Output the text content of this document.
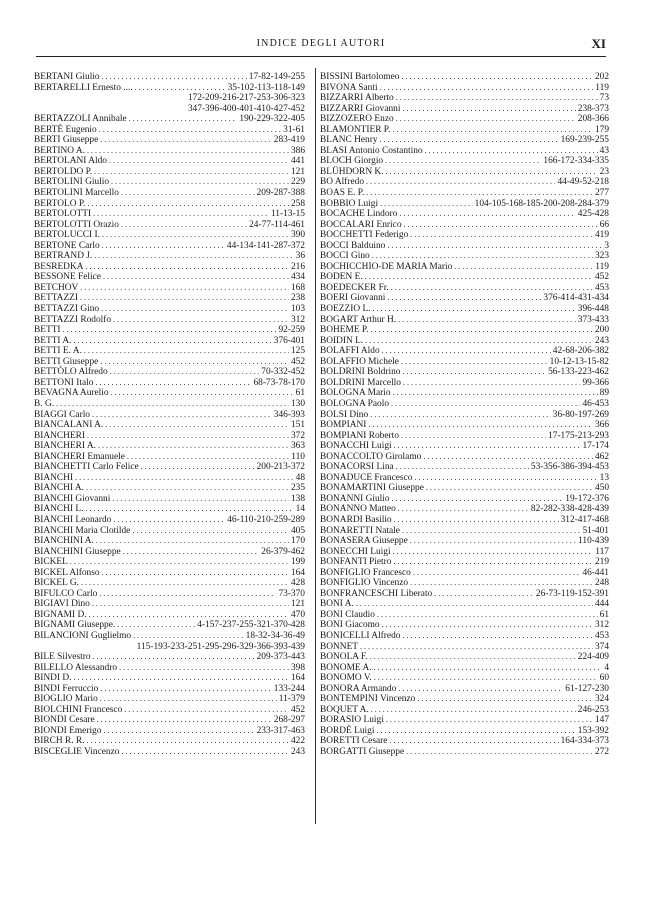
INDICE DEGLI AUTORI	XI
BERTANI Giulio . . .	17-82-149-255
BERTARELLI Ernesto .... . . .	35-102-113-118-149
172-209-216-217-253-306-323
347-396-400-401-410-427-452
BERTAZZOLI Annibale . . .	190-229-322-405
BERTÈ Eugenio . . .	31-61
BERTI Giuseppe . . .	283-419
BERTINO A. . . .	386
BERTOLANI Aldo . . .	441
BERTOLDO P. . . .	121
BERTOLINI Giulio . . .	229
BERTOLINI Marcello . . .	209-287-388
BERTOLO P. . . .	258
BERTOLOTTI . . .	11-13-15
BERTOLOTTI Orazio . . .	24-77-114-461
BERTOLUCCI I. . . .	390
BERTONE Carlo . . .	44-134-141-287-372
BERTRAND J. . . .	36
BESREDKA . . .	216
BESSONE Felice . . .	434
BETCHOV . . .	168
BETTAZZI . . .	238
BETTAZZI Gino . . .	103
BETTAZZI Rodolfo . . .	312
BETTI . . .	92-259
BETTI A. . . .	376-401
BETTI E. A. . . .	125
BETTI Giuseppe . . .	452
BETTÒLO Alfredo . . .	70-332-452
BETTONI Italo . . .	68-73-78-170
BEVAGNA Aurelio . . .	61
B. G. . . .	130
BIAGGI Carlo . . .	346-393
BIANCALANI A. . . .	151
BIANCHERI . . .	372
BIANCHERI A. . . .	363
BIANCHERI Emanuele . . .	110
BIANCHETTI Carlo Felice . . .	200-213-372
BIANCHI . . .	48
BIANCHI A. . . .	235
BIANCHI Giovanni . . .	138
BIANCHI L. . . .	14
BIANCHI Leonardo . . .	46-110-210-259-289
BIANCHI Maria Clotilde . . .	405
BIANCHINI A. . . .	170
BIANCHINI Giuseppe . . .	26-379-462
BICKEL . . .	199
BICKEL Alfonso . . .	164
BICKEL G. . . .	428
BIFULCO Carlo . . .	73-370
BIGIAVI Dino . . .	121
BIGNAMI D. . . .	470
BIGNAMI Giuseppe. . . .	4-157-237-255-321-370-428
BILANCIONI Guglielmo . . .	18-32-34-36-49
115-193-233-251-295-296-329-366-393-439
BILE Silvestro . . .	209-373-443
BILELLO Alessandro . . .	398
BINDI D. . . .	164
BINDI Ferruccio . . .	133-244
BIOGLIO Mario . . .	11-379
BIOLCHINI Francesco . . .	452
BIONDI Cesare . . .	268-297
BIONDI Emerigo . . .	233-317-463
BIRCH R. R. . . .	422
BISCEGLIE Vincenzo . . .	243
BISSINI Bartolomeo . . .	202
BIVONA Santi . . .	119
BIZZARRI Alberto . . .	73
BIZZARRI Giovanni . . .	238-373
BIZZOZERO Enzo . . .	208-366
BLAMONTIER P. . . .	179
BLANC Henry . . .	169-239-255
BLASI Antonio Costantino . . .	43
BLOCH Giorgio . . .	166-172-334-335
BLÜHDORN K. . . .	23
BO Alfredo . . .	44-49-52-218
BOAS E. P. . . .	277
BOBBIO Luigi . . .	104-105-168-185-200-208-284-379
BOCACHE Lindoro . . .	425-428
BOCCALARI Enrico . . .	66
BOCCHETTI Federigo . . .	419
BOCCI Balduino . . .	3
BOCCI Gino . . .	323
BOCHICCHIO-DE MARIA Mario . . .	119
BODEN E. . . .	452
BOEDECKER Fr. . . .	453
BOERI Giovanni . . .	376-414-431-434
BOEZZIO L. . . .	396-448
BOGART Arthur H. . . .	373-433
BOHEME P. . . .	200
BOIDIN L. . . .	243
BOLAFFI Aldo . . .	42-68-206-382
BOLAFFIO Michele . . .	10-12-13-15-82
BOLDRINI Boldrino . . .	56-133-223-462
BOLDRINI Marcello . . .	99-366
BOLOGNA Mario . . .	89
BOLOGNA Paolo . . .	46-453
BOLSI Dino . . .	36-80-197-269
BOMPIANI . . .	366
BOMPIANI Roberto . . .	17-175-213-293
BONACCHI Luigi . . .	17-174
BONACCOLTO Girolamo . . .	462
BONACORSI Lina . . .	53-356-386-394-453
BONADUCE Francesco . . .	13
BONAMARTINI Giuseppe . . .	450
BONANNI Giulio . . .	19-172-376
BONANNO Matteo . . .	82-282-338-428-439
BONARDI Basilio . . .	312-417-468
BONARETTI Natale . . .	51-401
BONASERA Giuseppe . . .	110-439
BONECCHI Luigi . . .	117
BONFANTI Pietro . . .	219
BONFIGLIO Francesco . . .	46-441
BONFIGLIO Vincenzo . . .	248
BONFRANCESCHI Liberato . . .	26-73-119-152-391
BONI A. . . .	444
BONI Claudio . . .	61
BONI Giacomo . . .	312
BONICELLI Alfredo . . .	453
BONNET . . .	374
BONOLA F. . . .	224-409
BONOME A. . . .	4
BONOMO V. . . .	60
BONORA Armando . . .	61-127-230
BONTEMPINI Vincenzo . . .	324
BOQUET A. . . .	246-253
BORASIO Luigi . . .	147
BORDÈ Luigi . . .	153-392
BORETTI Cesare . . .	164-334-373
BORGATTI Giuseppe . . .	272
